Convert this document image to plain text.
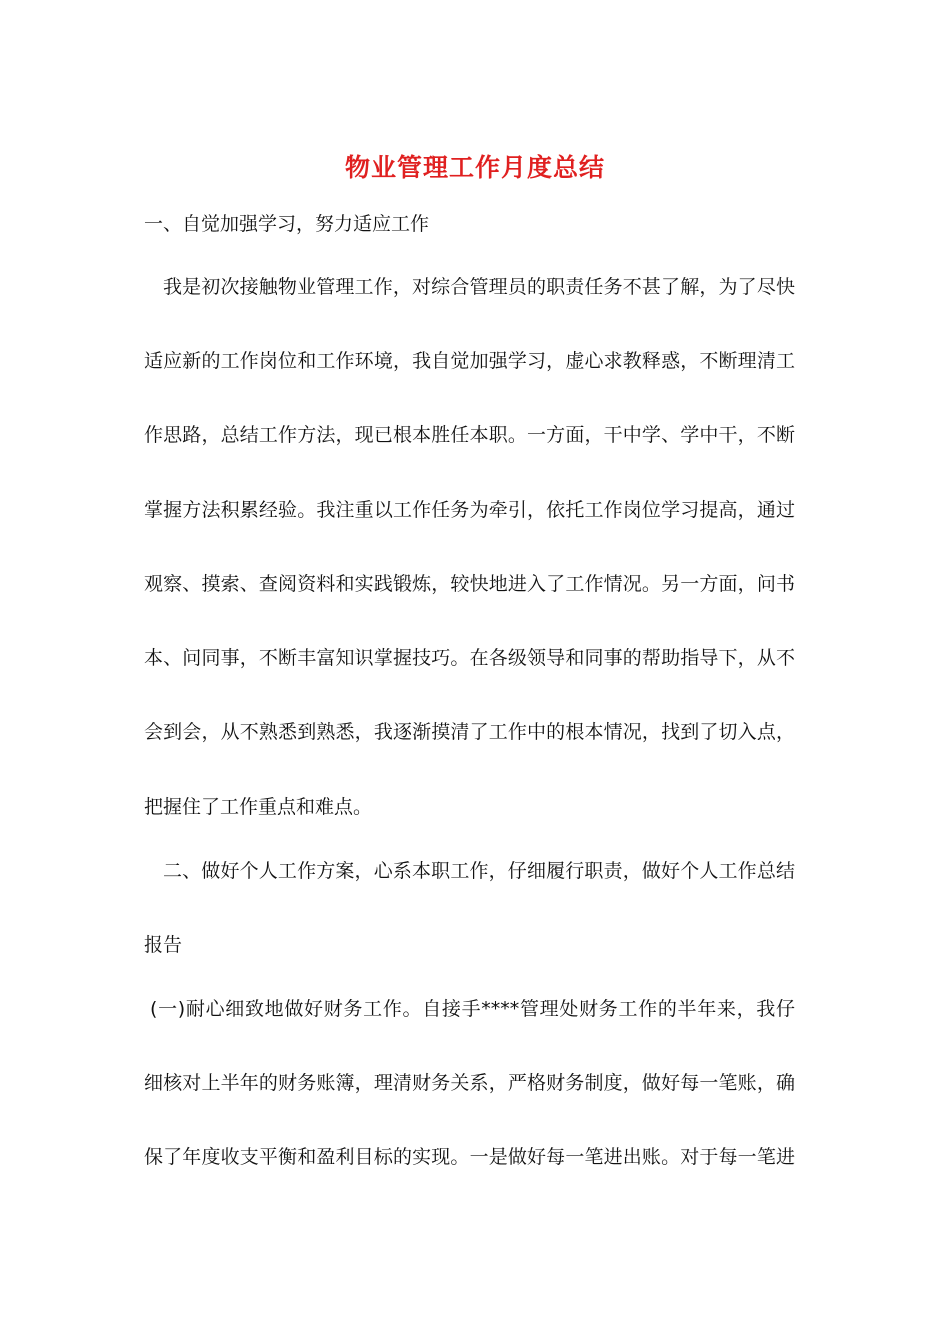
物业管理工作月度总结
一、自觉加强学习，努力适应工作
我是初次接触物业管理工作，对综合管理员的职责任务不甚了解，为了尽快
适应新的工作岗位和工作环境，我自觉加强学习，虚心求教释惑，不断理清工
作思路，总结工作方法，现已根本胜任本职。一方面，干中学、学中干，不断
掌握方法积累经验。我注重以工作任务为牵引，依托工作岗位学习提高，通过
观察、摸索、查阅资料和实践锻炼，较快地进入了工作情况。另一方面，问书
本、问同事，不断丰富知识掌握技巧。在各级领导和同事的帮助指导下，从不
会到会，从不熟悉到熟悉，我逐渐摸清了工作中的根本情况，找到了切入点，
把握住了工作重点和难点。
二、做好个人工作方案，心系本职工作，仔细履行职责，做好个人工作总结
报告
(一)耐心细致地做好财务工作。自接手****管理处财务工作的半年来，我仔
细核对上半年的财务账簿，理清财务关系，严格财务制度，做好每一笔账，确
保了年度收支平衡和盈利目标的实现。一是做好每一笔进出账。对于每一笔进
